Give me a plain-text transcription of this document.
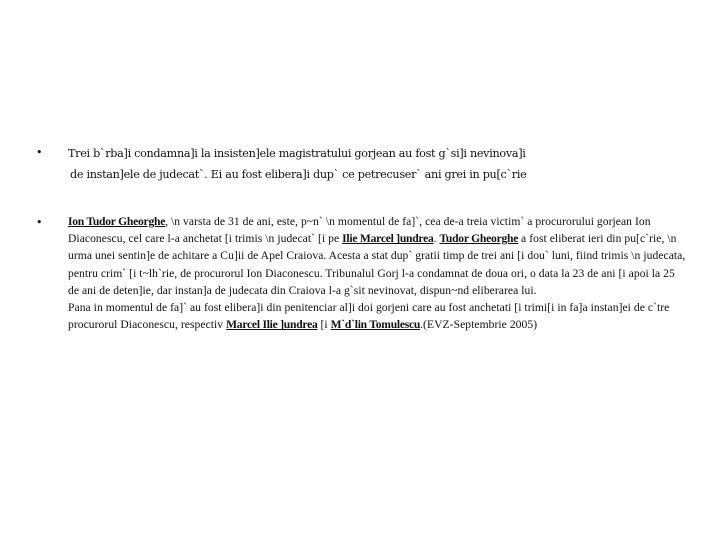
• Trei b`rba]i condamna]i la insisten]ele magistratului gorjean au fost g`si]i nevinova]i
de instan]ele de judecat`. Ei au fost elibera]i dup` ce petrecuser` ani grei in pu[c`rie
• Ion Tudor Gheorghe, \n varsta de 31 de ani, este, p~n` \n momentul de fa]`, cea de-a treia victim` a procurorului gorjean Ion Diaconescu, cel care l-a anchetat [i trimis \n judecat` [i pe Ilie Marcel ]undrea. Tudor Gheorghe a fost eliberat ieri din pu[c`rie, \n urma unei sentin]e de achitare a Cu]ii de Apel Craiova. Acesta a stat dup` gratii timp de trei ani [i dou` luni, fiind trimis \n judecata, pentru crim` [i t~lh`rie, de procurorul Ion Diaconescu. Tribunalul Gorj l-a condamnat de doua ori, o data la 23 de ani [i apoi la 25 de ani de deten]ie, dar instan]a de judecata din Craiova l-a g`sit nevinovat, dispun~nd eliberarea lui.
Pana in momentul de fa]` au fost elibera]i din penitenciar al]i doi gorjeni care au fost anchetati [i trimi[i in fa]a instan]ei de c`tre procurorul Diaconescu, respectiv Marcel Ilie ]undrea [i M`d`lin Tomulescu.(EVZ-Septembrie 2005)
